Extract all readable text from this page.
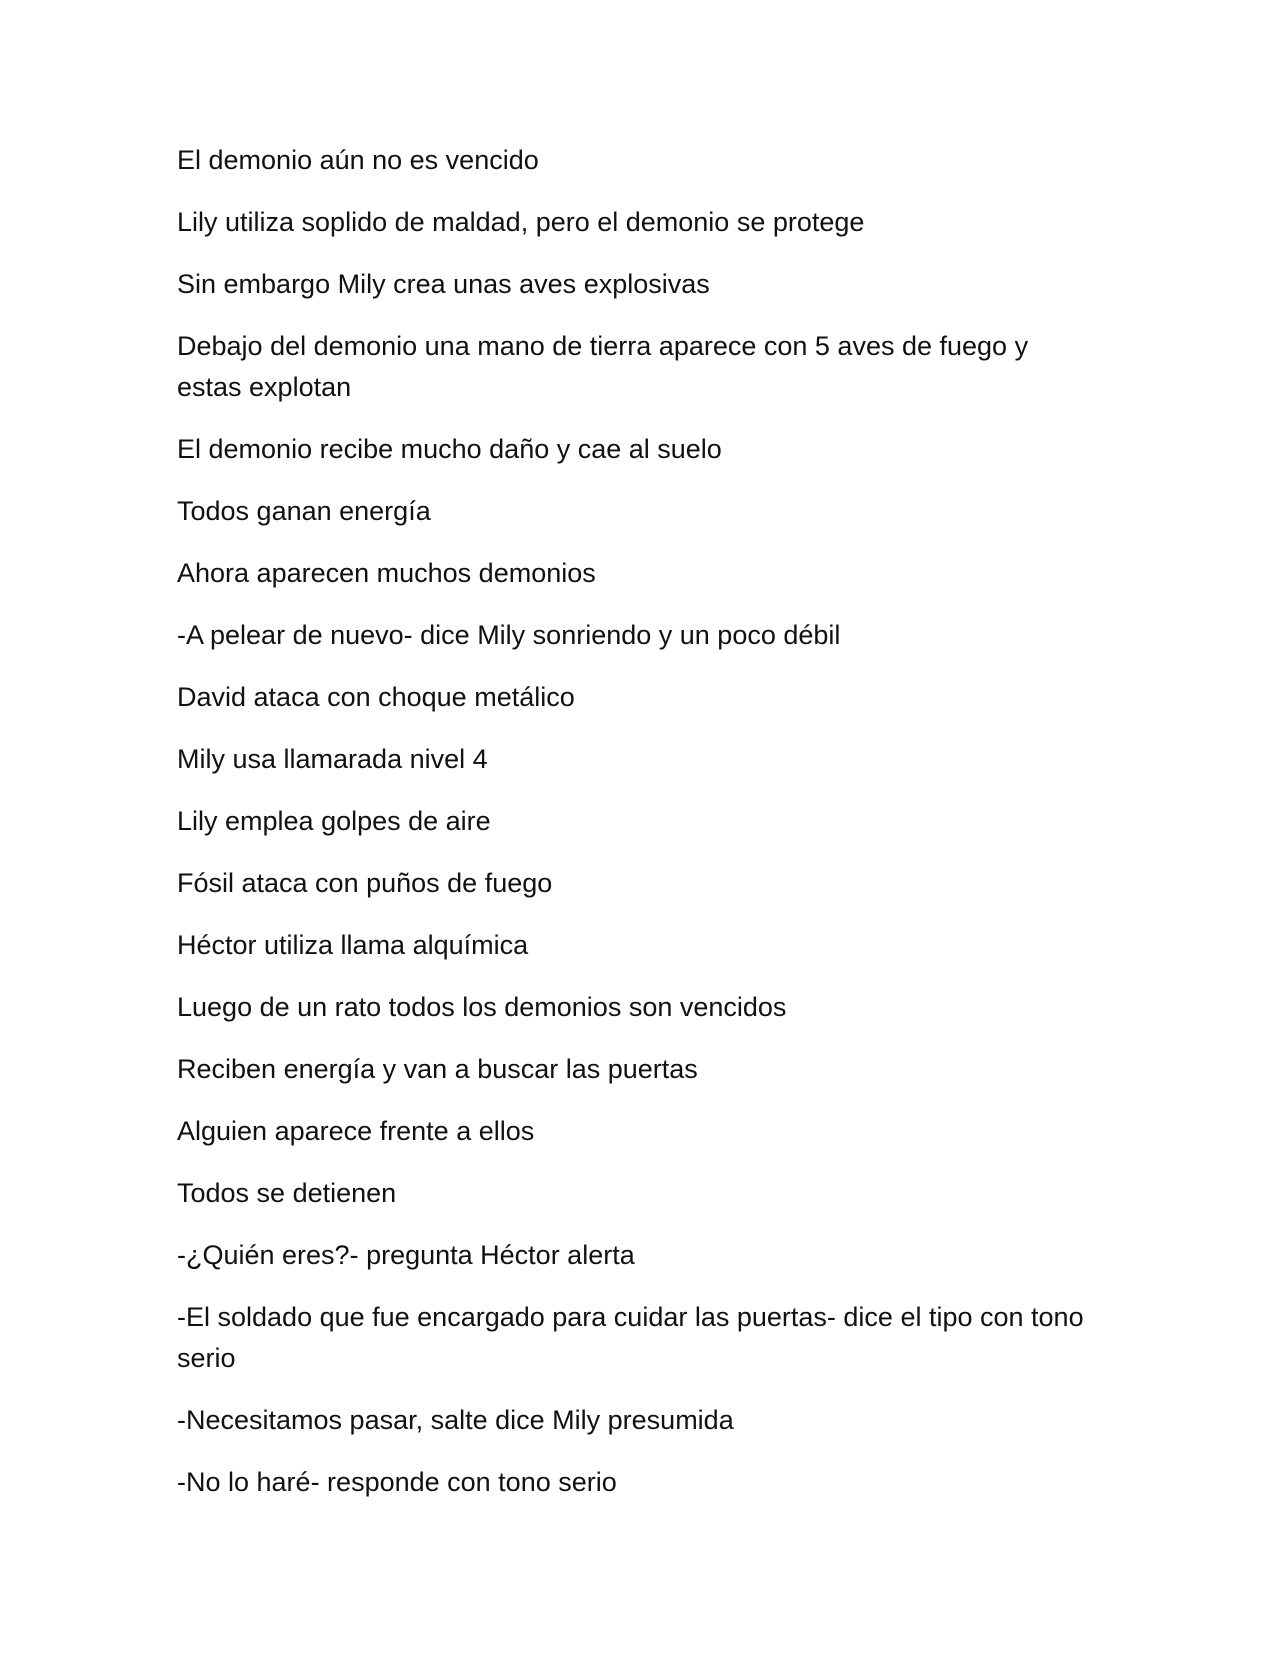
El demonio aún no es vencido

Lily utiliza soplido de maldad, pero el demonio se protege

Sin embargo Mily crea unas aves explosivas

Debajo del demonio una mano de tierra aparece con 5 aves de fuego y estas explotan

El demonio recibe mucho daño y cae al suelo

Todos ganan energía

Ahora aparecen muchos demonios

-A pelear de nuevo- dice Mily sonriendo y un poco débil

David ataca con choque metálico

Mily usa llamarada nivel 4

Lily emplea golpes de aire

Fósil ataca con puños de fuego

Héctor utiliza llama alquímica

Luego de un rato todos los demonios son vencidos

Reciben energía y van a buscar las puertas

Alguien aparece frente a ellos

Todos se detienen

-¿Quién eres?- pregunta Héctor alerta

-El soldado que fue encargado para cuidar las puertas- dice el tipo con tono serio

-Necesitamos pasar, salte dice Mily presumida

-No lo haré- responde con tono serio
